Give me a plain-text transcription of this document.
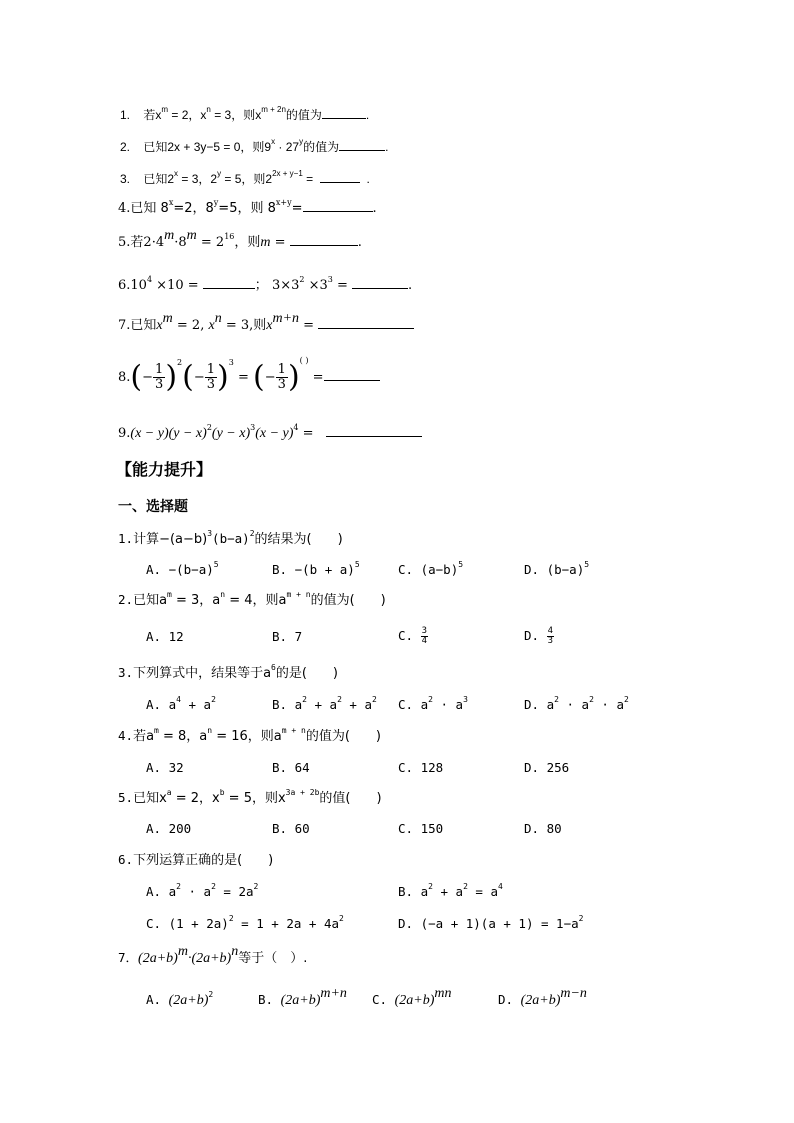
1. 若$x^m = 2$，$x^n = 3$，则$x^{m + 2n}$的值为	.
2. 已知2x + 3y−5 = 0，则$9^x \cdot 27^y$的值为	.
3. 已知$2^x = 3$，$2^y = 5$，则$2^{2x + y-1}$ =	.
4.已知 $8^x=2$，$8^y=5$，则 $8^{x+y}=$	.
5.若$2\cdot 4^m\cdot 8^m = 2^{16}$，则m =	.
$6.10^4 \times 10$ =	； $3\times 3^2 \times 3^3$ =	.
7.已知$x^m = 2$, $x^n = 3$,则$x^{m+n}$ =
$8.(- \frac{1}{3} )^2(- \frac{1}{3} )^3$ = (− $\frac{1}{3} )^{( )}$ =
$9.(x - y)(y - x)^2(y - x)^3(x - y)^4$ =
【能力提升】
一、选择题
1.计算$-(a-b)^3(b-a)^2$的结果为(　　)
A. $-(b-a)^5$	B. $-(b + a)^5$	C. $(a-b)^5$	D. $(b-a)^5$
2.已知$a^m = 3$，$a^n = 4$，则$a^{m + n}$的值为(　　)
A. 12	B. 7	C. $\frac{3}{4}$	D. $\frac{4}{3}$
3.下列算式中，结果等于$a^6$的是(　　)
A. $a^4 + a^2$	B. $a^2 + a^2 + a^2$ C. $a^2 \cdot a^3$	D. $a^2 \cdot a^2 \cdot a^2$
4.若$a^m = 8$，$a^n = 16$，则$a^{m + n}$的值为(　　)
A. 32	B. 64	C. 128	D. 256
5.已知$x^a = 2$，$x^b = 5$，则$x^{3a + 2b}$的值(　　)
A. 200	B. 60	C. 150	D. 80
6.下列运算正确的是(　　)
A. $a^2 \cdot a^2 = 2a^2$	B. $a^2 + a^2 = a^4$
C. $(1 + 2a)^2 = 1 + 2a + 4a^2$	D. $(-a + 1)(a + 1) = 1-a^2$
7．$(2a+b)^m\cdot(2a+b)^n$等于（　）.
A. $(2a+b)^2$	B. $(2a+b)^{m+n}$ C. $(2a+b)^{mn}$	D. $(2a+b)^{m-n}$
